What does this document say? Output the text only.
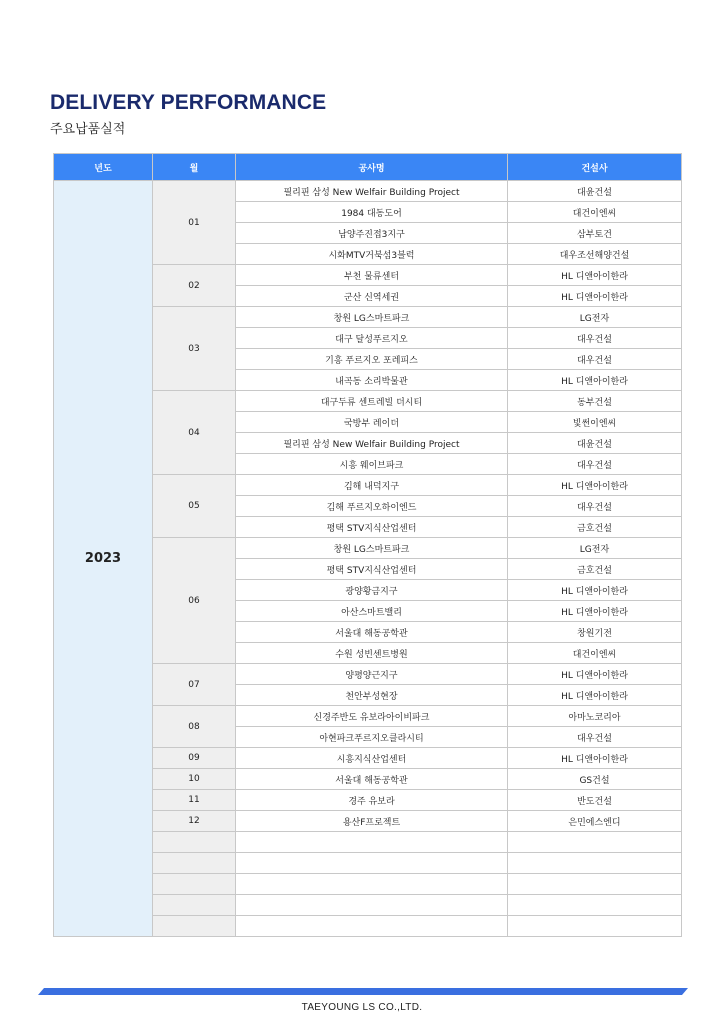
DELIVERY PERFORMANCE
주요납품실적
년도	월	공사명	건설사
2023	01	필리핀 삼성 New Welfair Building Project	대윤건설
		1984 대동도어	대건이엔씨
		남양주진접3지구	삼부토건
		시화MTV거북섬3블럭	대우조선해양건설
	02	부천 물류센터	HL 디앤아이한라
		군산 신역세권	HL 디앤아이한라
	03	창원 LG스마트파크	LG전자
		대구 달성푸르지오	대우건설
		기흥 푸르지오 포레피스	대우건설
		내곡동 소리박물관	HL 디앤아이한라
	04	대구두류 센트레빌 더시티	동부건설
		국방부 레이더	빛썬이엔씨
		필리핀 삼성 New Welfair Building Project	대윤건설
		시흥 웨이브파크	대우건설
	05	김해 내덕지구	HL 디앤아이한라
		김해 푸르지오하이엔드	대우건설
		평택 STV지식산업센터	금호건설
	06	창원 LG스마트파크	LG전자
		평택 STV지식산업센터	금호건설
		광양황금지구	HL 디앤아이한라
		아산스마트밸리	HL 디앤아이한라
		서울대 해동공학관	창원기전
		수원 성빈센트병원	대건이엔씨
	07	양평양근지구	HL 디앤아이한라
		천안부성현장	HL 디앤아이한라
	08	신경주반도 유보라아이비파크	아마노코리아
		아현파크푸르지오클라시티	대우건설
	09	시흥지식산업센터	HL 디앤아이한라
	10	서울대 해동공학관	GS건설
	11	경주 유보라	반도건설
	12	용산F프로젝트	은민에스엔디

TAEYOUNG LS CO.,LTD.
